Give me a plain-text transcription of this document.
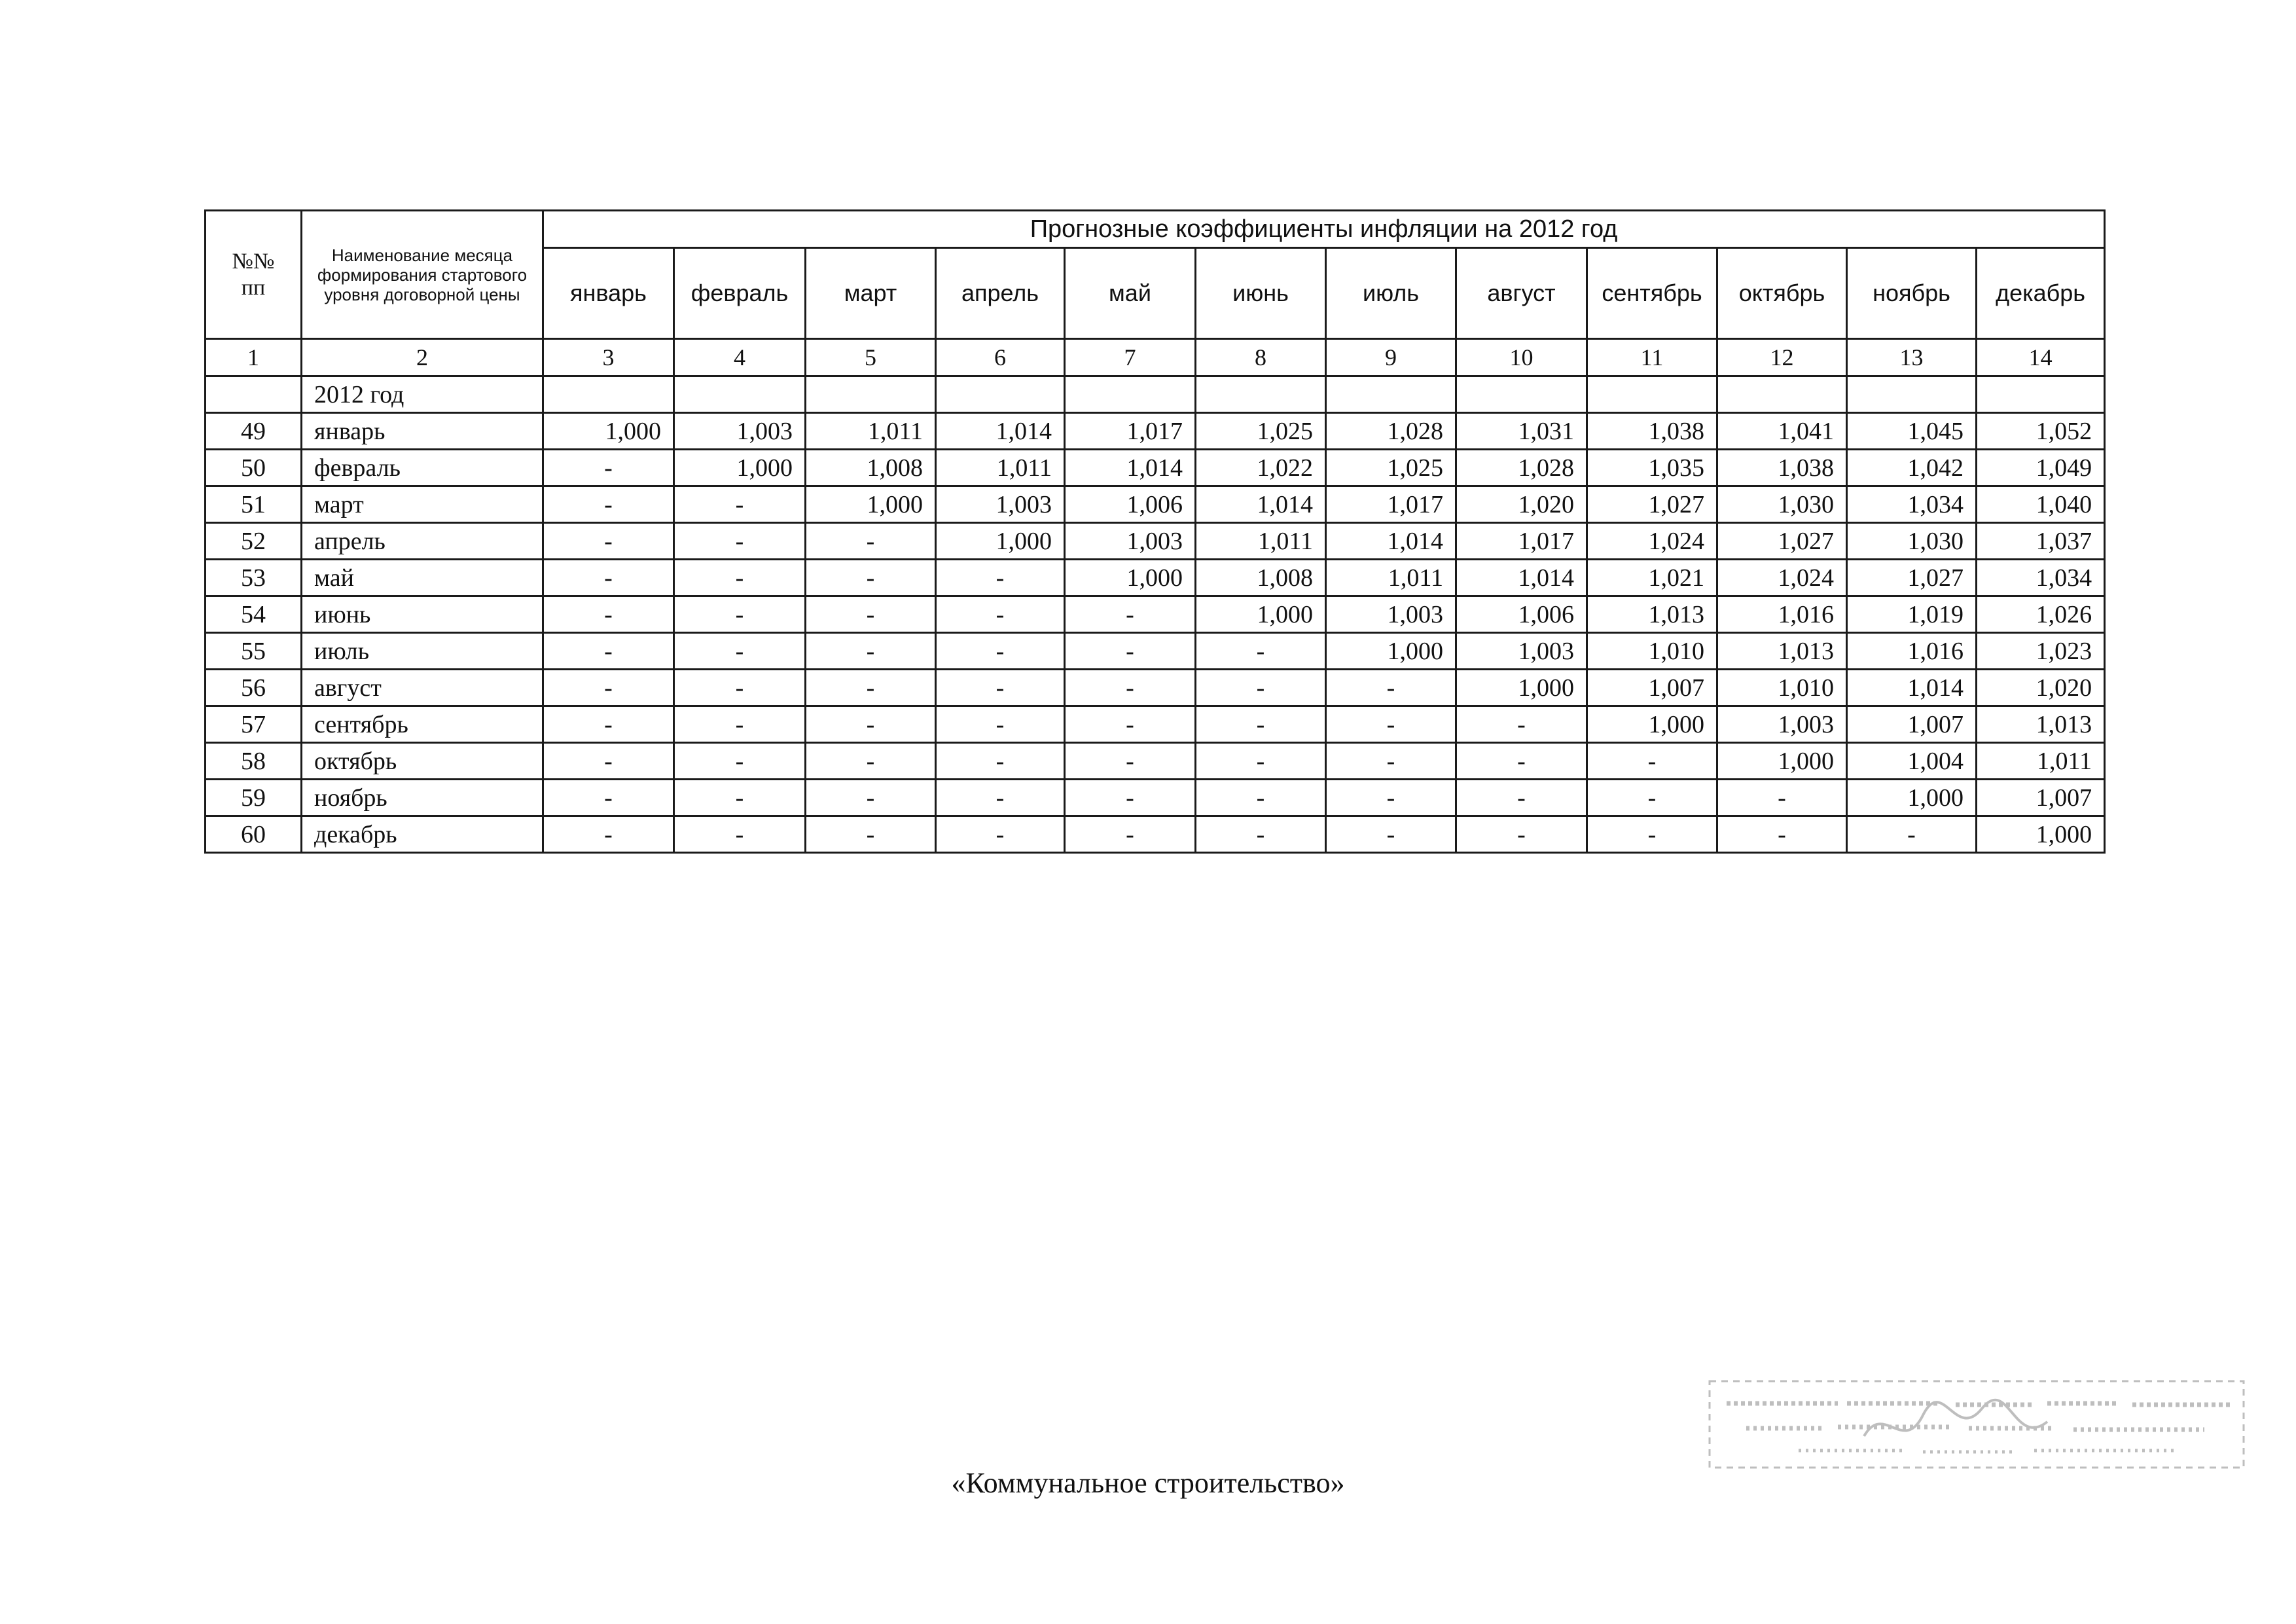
№№ пп	Наименование месяца формирования стартового уровня договорной цены	Прогнозные коэффициенты инфляции на 2012 год											
		январь	февраль	март	апрель	май	июнь	июль	август	сентябрь	октябрь	ноябрь	декабрь
1	2	3	4	5	6	7	8	9	10	11	12	13	14
	2012 год												
49	январь	1,000	1,003	1,011	1,014	1,017	1,025	1,028	1,031	1,038	1,041	1,045	1,052
50	февраль	-	1,000	1,008	1,011	1,014	1,022	1,025	1,028	1,035	1,038	1,042	1,049
51	март	-	-	1,000	1,003	1,006	1,014	1,017	1,020	1,027	1,030	1,034	1,040
52	апрель	-	-	-	1,000	1,003	1,011	1,014	1,017	1,024	1,027	1,030	1,037
53	май	-	-	-	-	1,000	1,008	1,011	1,014	1,021	1,024	1,027	1,034
54	июнь	-	-	-	-	-	1,000	1,003	1,006	1,013	1,016	1,019	1,026
55	июль	-	-	-	-	-	-	1,000	1,003	1,010	1,013	1,016	1,023
56	август	-	-	-	-	-	-	-	1,000	1,007	1,010	1,014	1,020
57	сентябрь	-	-	-	-	-	-	-	-	1,000	1,003	1,007	1,013
58	октябрь	-	-	-	-	-	-	-	-	-	1,000	1,004	1,011
59	ноябрь	-	-	-	-	-	-	-	-	-	-	1,000	1,007
60	декабрь	-	-	-	-	-	-	-	-	-	-	-	1,000
«Коммунальное строительство»
